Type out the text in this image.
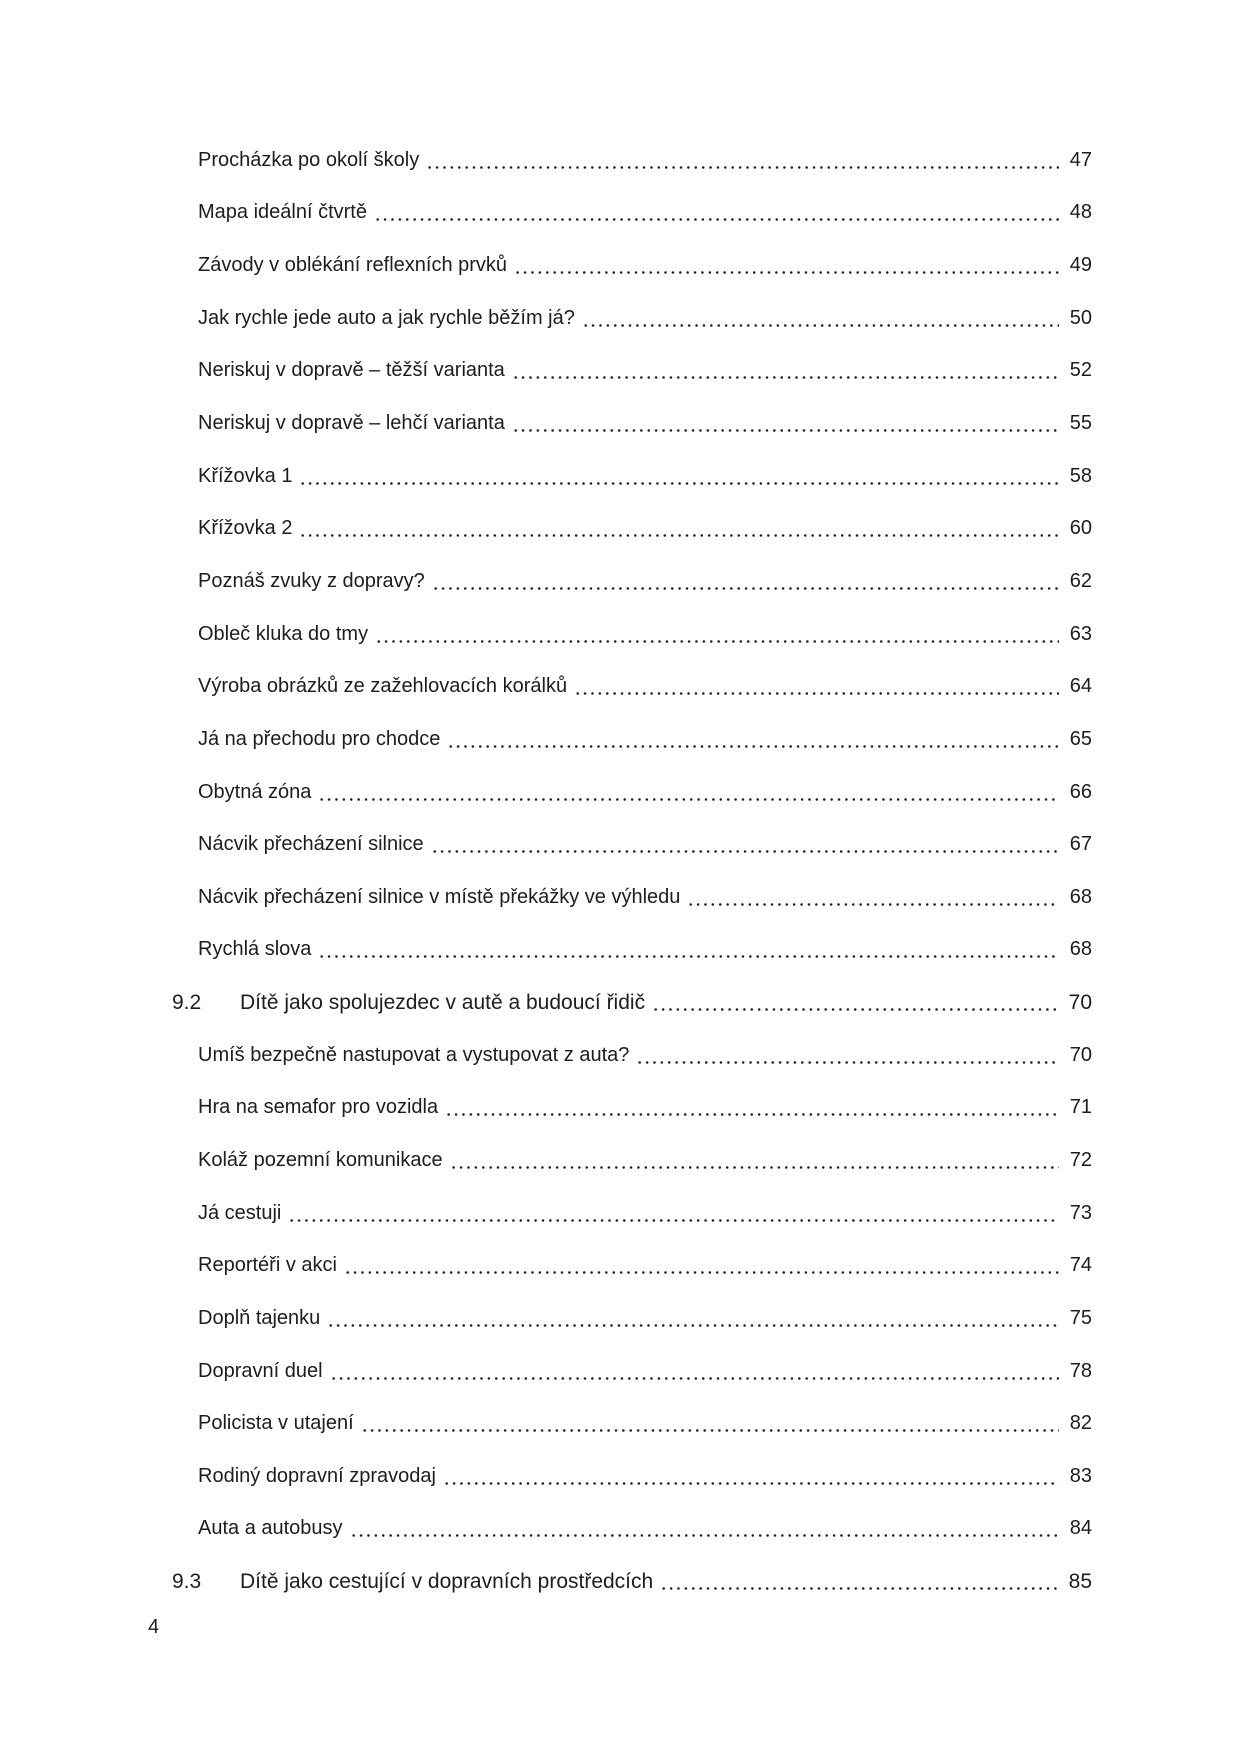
Procházka po okolí školy	47
Mapa ideální čtvrtě	48
Závody v oblékání reflexních prvků	49
Jak rychle jede auto a jak rychle běžím já?	50
Neriskuj v dopravě – těžší varianta	52
Neriskuj v dopravě – lehčí varianta	55
Křížovka 1	58
Křížovka 2	60
Poznáš zvuky z dopravy?	62
Obleč kluka do tmy	63
Výroba obrázků ze zažehlovacích korálků	64
Já na přechodu pro chodce	65
Obytná zóna	66
Nácvik přecházení silnice	67
Nácvik přecházení silnice v místě překážky ve výhledu	68
Rychlá slova	68
9.2	Dítě jako spolujezdec v autě a budoucí řidič	70
Umíš bezpečně nastupovat a vystupovat z auta?	70
Hra na semafor pro vozidla	71
Koláž pozemní komunikace	72
Já cestuji	73
Reportéři v akci	74
Doplň tajenku	75
Dopravní duel	78
Policista v utajení	82
Rodiný dopravní zpravodaj	83
Auta a autobusy	84
9.3	Dítě jako cestující v dopravních prostředcích	85
4
